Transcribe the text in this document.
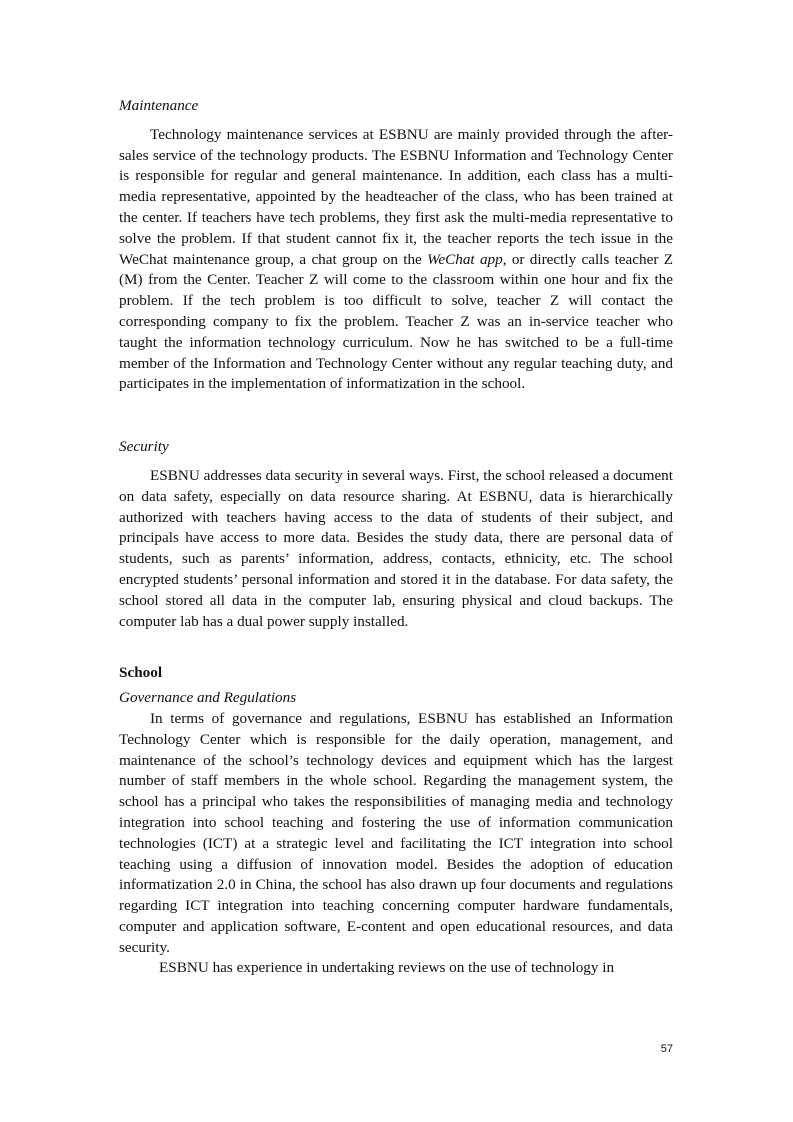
Maintenance

Technology maintenance services at ESBNU are mainly provided through the after-sales service of the technology products. The ESBNU Information and Technology Center is responsible for regular and general maintenance. In addition, each class has a multi-media representative, appointed by the headteacher of the class, who has been trained at the center. If teachers have tech problems, they first ask the multi-media representative to solve the problem. If that student cannot fix it, the teacher reports the tech issue in the WeChat maintenance group, a chat group on the WeChat app, or directly calls teacher Z (M) from the Center. Teacher Z will come to the classroom within one hour and fix the problem. If the tech problem is too difficult to solve, teacher Z will contact the corresponding company to fix the problem. Teacher Z was an in-service teacher who taught the information technology curriculum. Now he has switched to be a full-time member of the Information and Technology Center without any regular teaching duty, and participates in the implementation of informatization in the school.

Security

ESBNU addresses data security in several ways. First, the school released a document on data safety, especially on data resource sharing. At ESBNU, data is hierarchically authorized with teachers having access to the data of students of their subject, and principals have access to more data. Besides the study data, there are personal data of students, such as parents’ information, address, contacts, ethnicity, etc. The school encrypted students’ personal information and stored it in the database. For data safety, the school stored all data in the computer lab, ensuring physical and cloud backups. The computer lab has a dual power supply installed.

School
Governance and Regulations

In terms of governance and regulations, ESBNU has established an Information Technology Center which is responsible for the daily operation, management, and maintenance of the school’s technology devices and equipment which has the largest number of staff members in the whole school. Regarding the management system, the school has a principal who takes the responsibilities of managing media and technology integration into school teaching and fostering the use of information communication technologies (ICT) at a strategic level and facilitating the ICT integration into school teaching using a diffusion of innovation model. Besides the adoption of education informatization 2.0 in China, the school has also drawn up four documents and regulations regarding ICT integration into teaching concerning computer hardware fundamentals, computer and application software, E-content and open educational resources, and data security.

ESBNU has experience in undertaking reviews on the use of technology in

57
